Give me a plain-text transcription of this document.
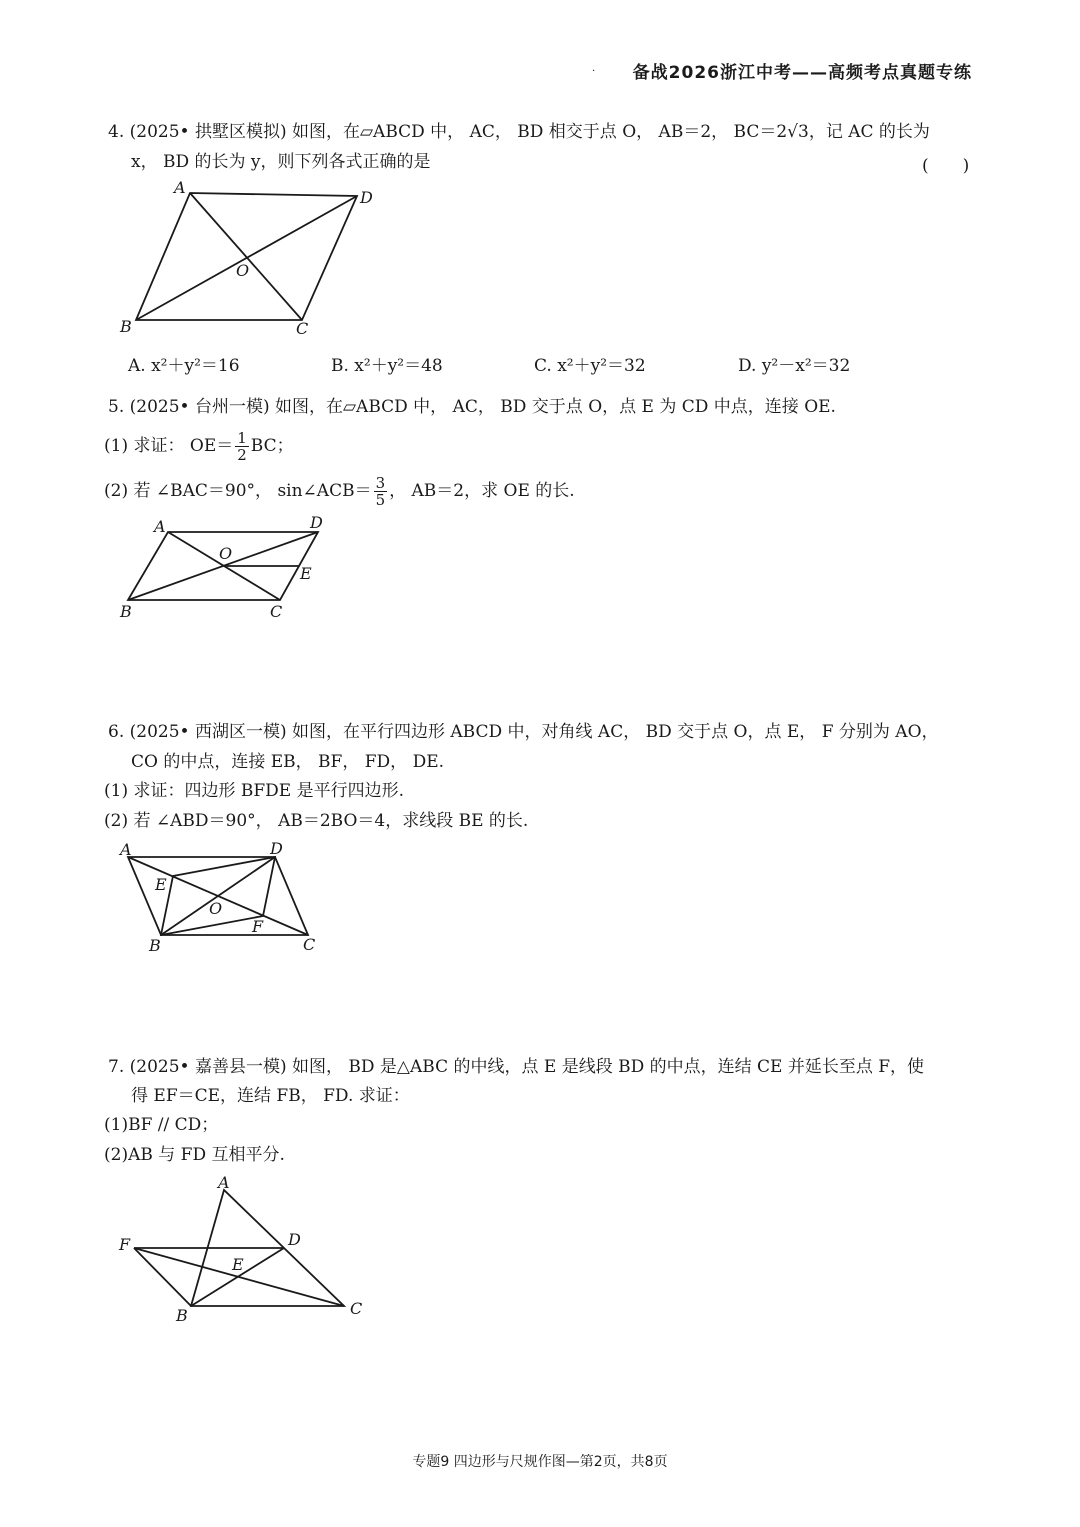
· 备战2026浙江中考——高频考点真题专练
4. (2025• 拱墅区模拟) 如图，在▱ABCD 中， AC， BD 相交于点 O， AB＝2， BC＝2√3，记 AC 的长为
x， BD 的长为 y，则下列各式正确的是	(　　)
A
D
O
B	C
A. x²＋y²＝16	B. x²＋y²＝48	C. x²＋y²＝32	D. y²－x²＝32
5. (2025• 台州一模) 如图，在▱ABCD 中， AC， BD 交于点 O，点 E 为 CD 中点，连接 OE.
(1) 求证： $OE= \frac{1}{2}$ BC；
(2) 若 ∠BAC＝90°， sin∠ACB＝ $\frac{3}{5}$ ， AB＝2，求 OE 的长.
A	D
O
E
B	C
6. (2025• 西湖区一模) 如图，在平行四边形 ABCD 中，对角线 AC， BD 交于点 O，点 E， F 分别为 AO，
CO 的中点，连接 EB， BF， FD， DE.
(1) 求证：四边形 BFDE 是平行四边形.
(2) 若 ∠ABD＝90°， AB＝2BO＝4，求线段 BE 的长.
A	D
E
O
F
B	C
7. (2025• 嘉善县一模) 如图， BD 是△ABC 的中线，点 E 是线段 BD 的中点，连结 CE 并延长至点 F，使
得 EF＝CE，连结 FB， FD. 求证：
(1)BF // CD；
(2)AB 与 FD 互相平分.
A
F	D
E
B	C
专题9 四边形与尺规作图—第2页，共8页
